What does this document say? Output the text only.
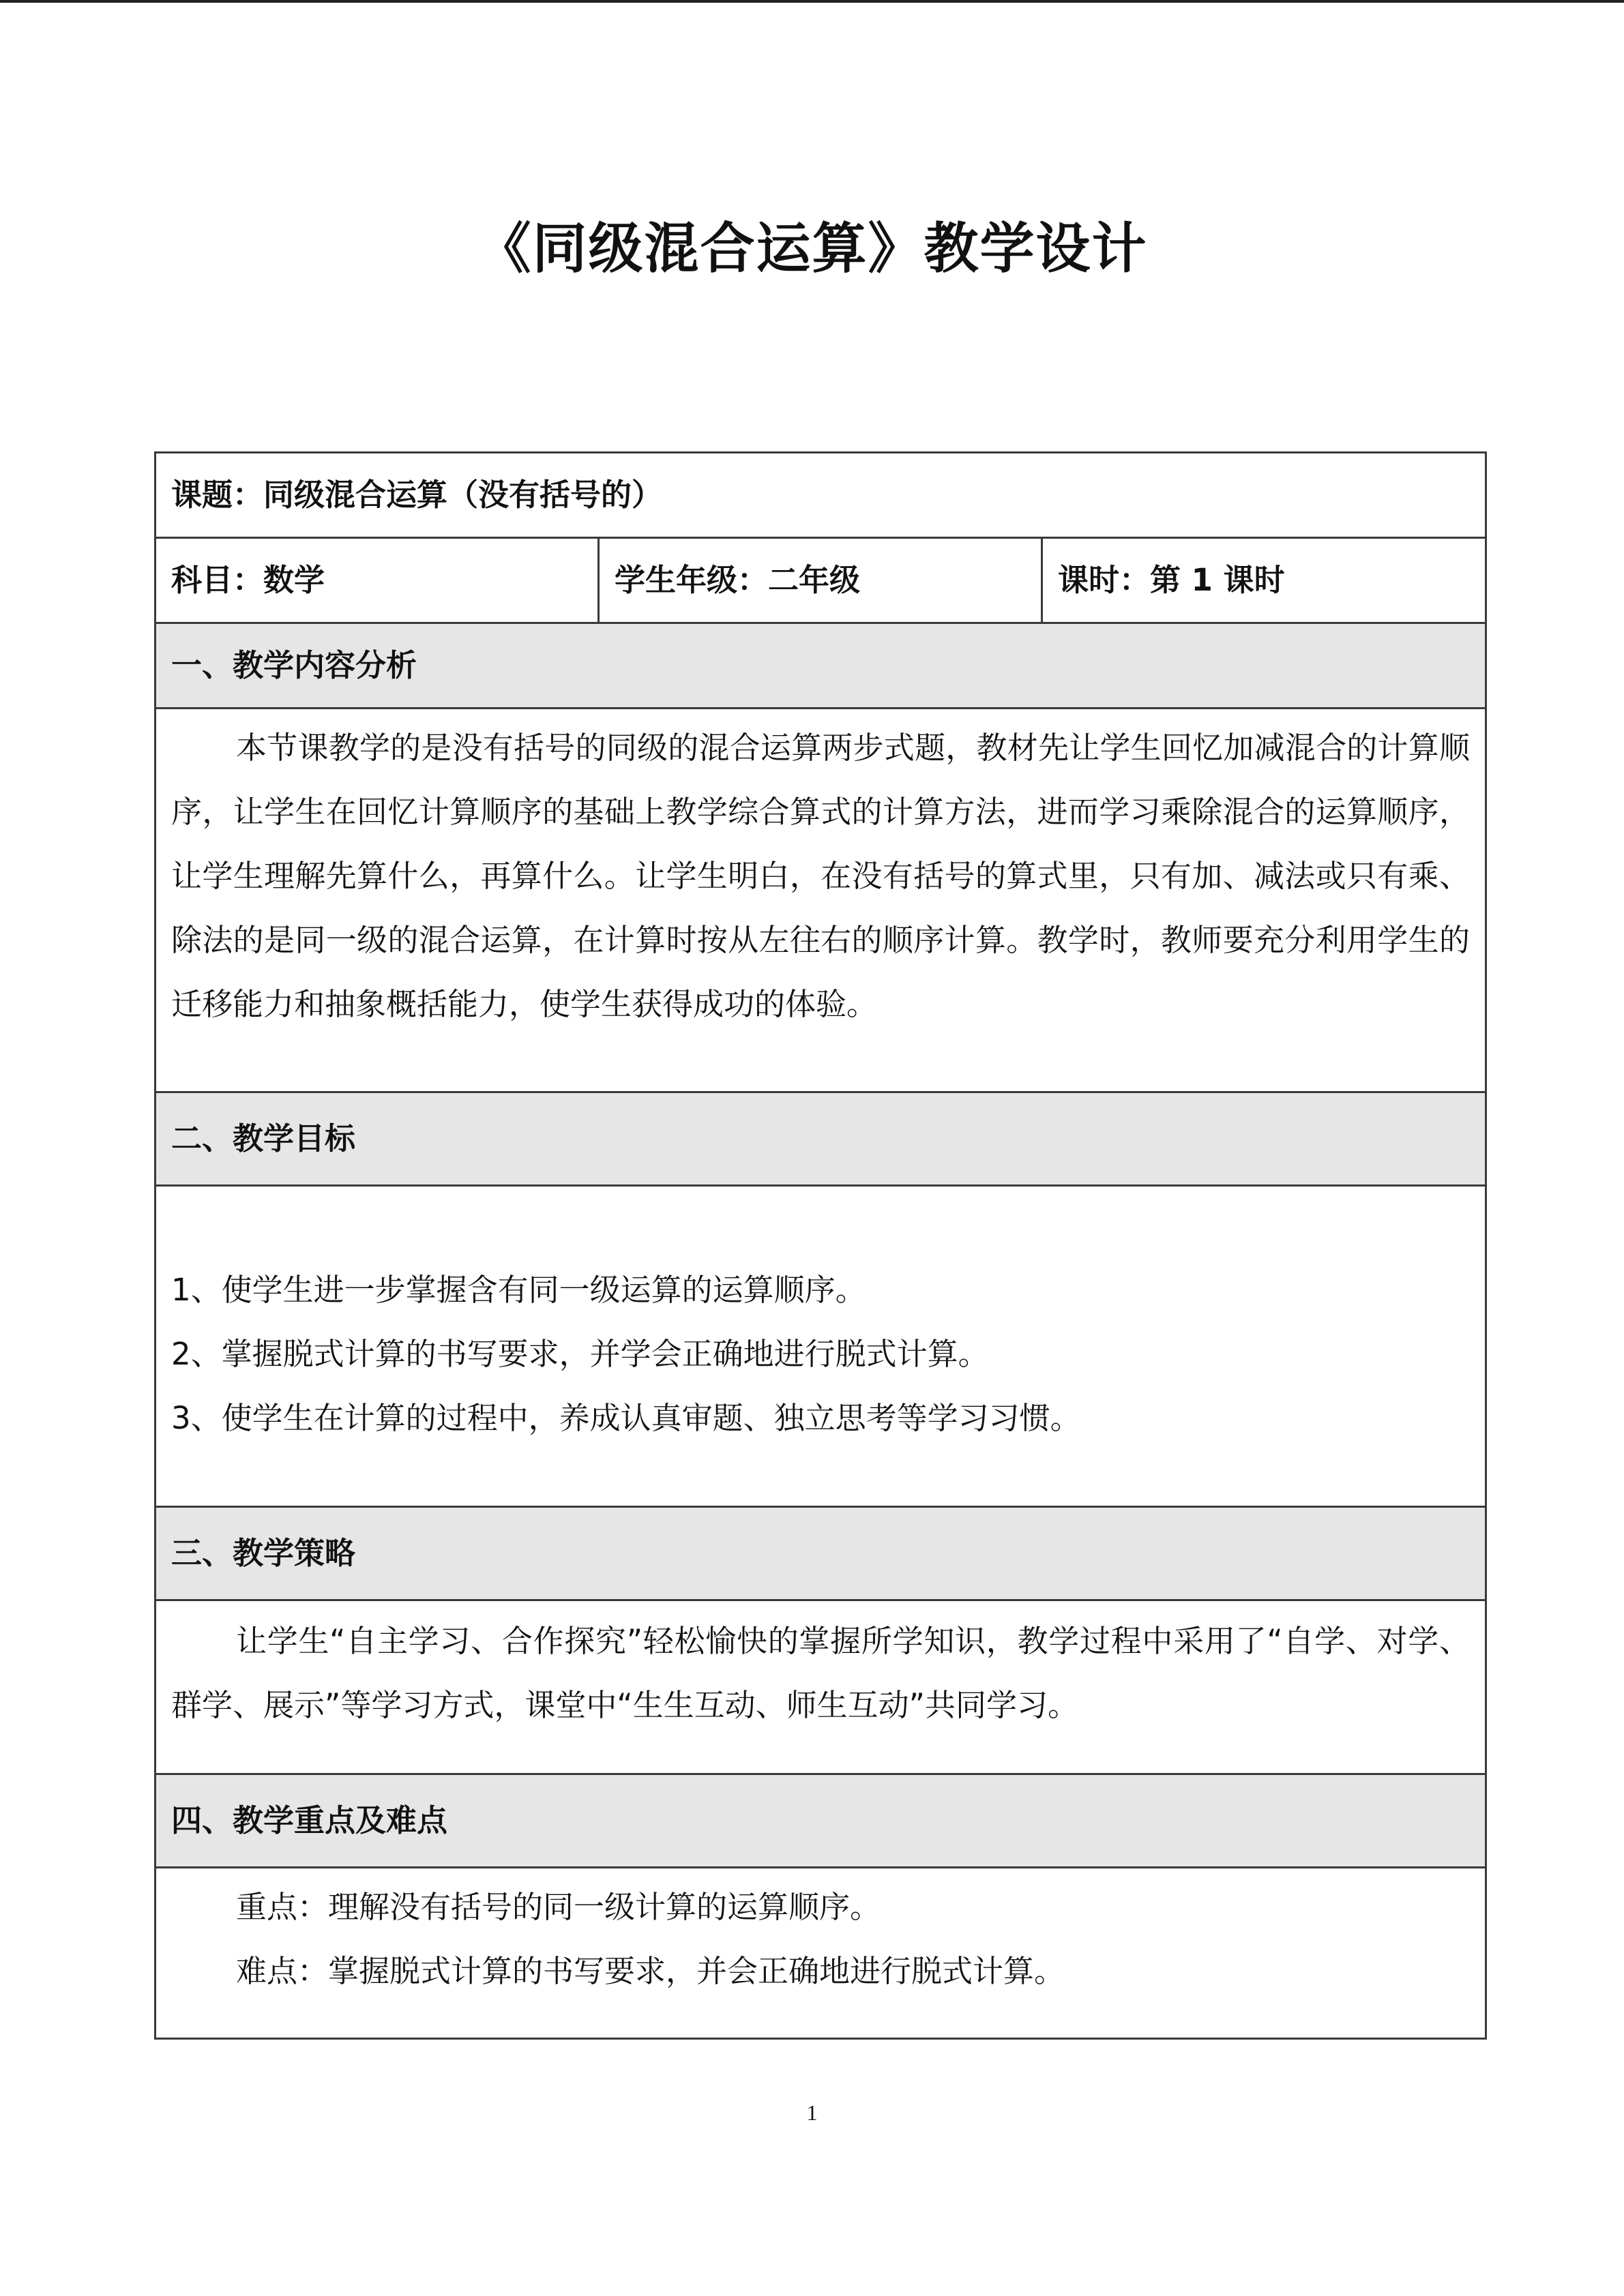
《同级混合运算》教学设计
课题：同级混合运算（没有括号的）
科目：数学	学生年级：二年级	课时：第 1 课时
一、教学内容分析

本节课教学的是没有括号的同级的混合运算两步式题，教材先让学生回忆加减混合的计算顺序，让学生在回忆计算顺序的基础上教学综合算式的计算方法，进而学习乘除混合的运算顺序，让学生理解先算什么，再算什么。让学生明白，在没有括号的算式里，只有加、减法或只有乘、除法的是同一级的混合运算，在计算时按从左往右的顺序计算。教学时，教师要充分利用学生的迁移能力和抽象概括能力，使学生获得成功的体验。

二、教学目标

1、使学生进一步掌握含有同一级运算的运算顺序。

2、掌握脱式计算的书写要求，并学会正确地进行脱式计算。

3、使学生在计算的过程中，养成认真审题、独立思考等学习习惯。

三、教学策略

让学生“自主学习、合作探究”轻松愉快的掌握所学知识，教学过程中采用了“自学、对学、群学、展示”等学习方式，课堂中“生生互动、师生互动”共同学习。

四、教学重点及难点

重点：理解没有括号的同一级计算的运算顺序。

难点：掌握脱式计算的书写要求，并会正确地进行脱式计算。

1
